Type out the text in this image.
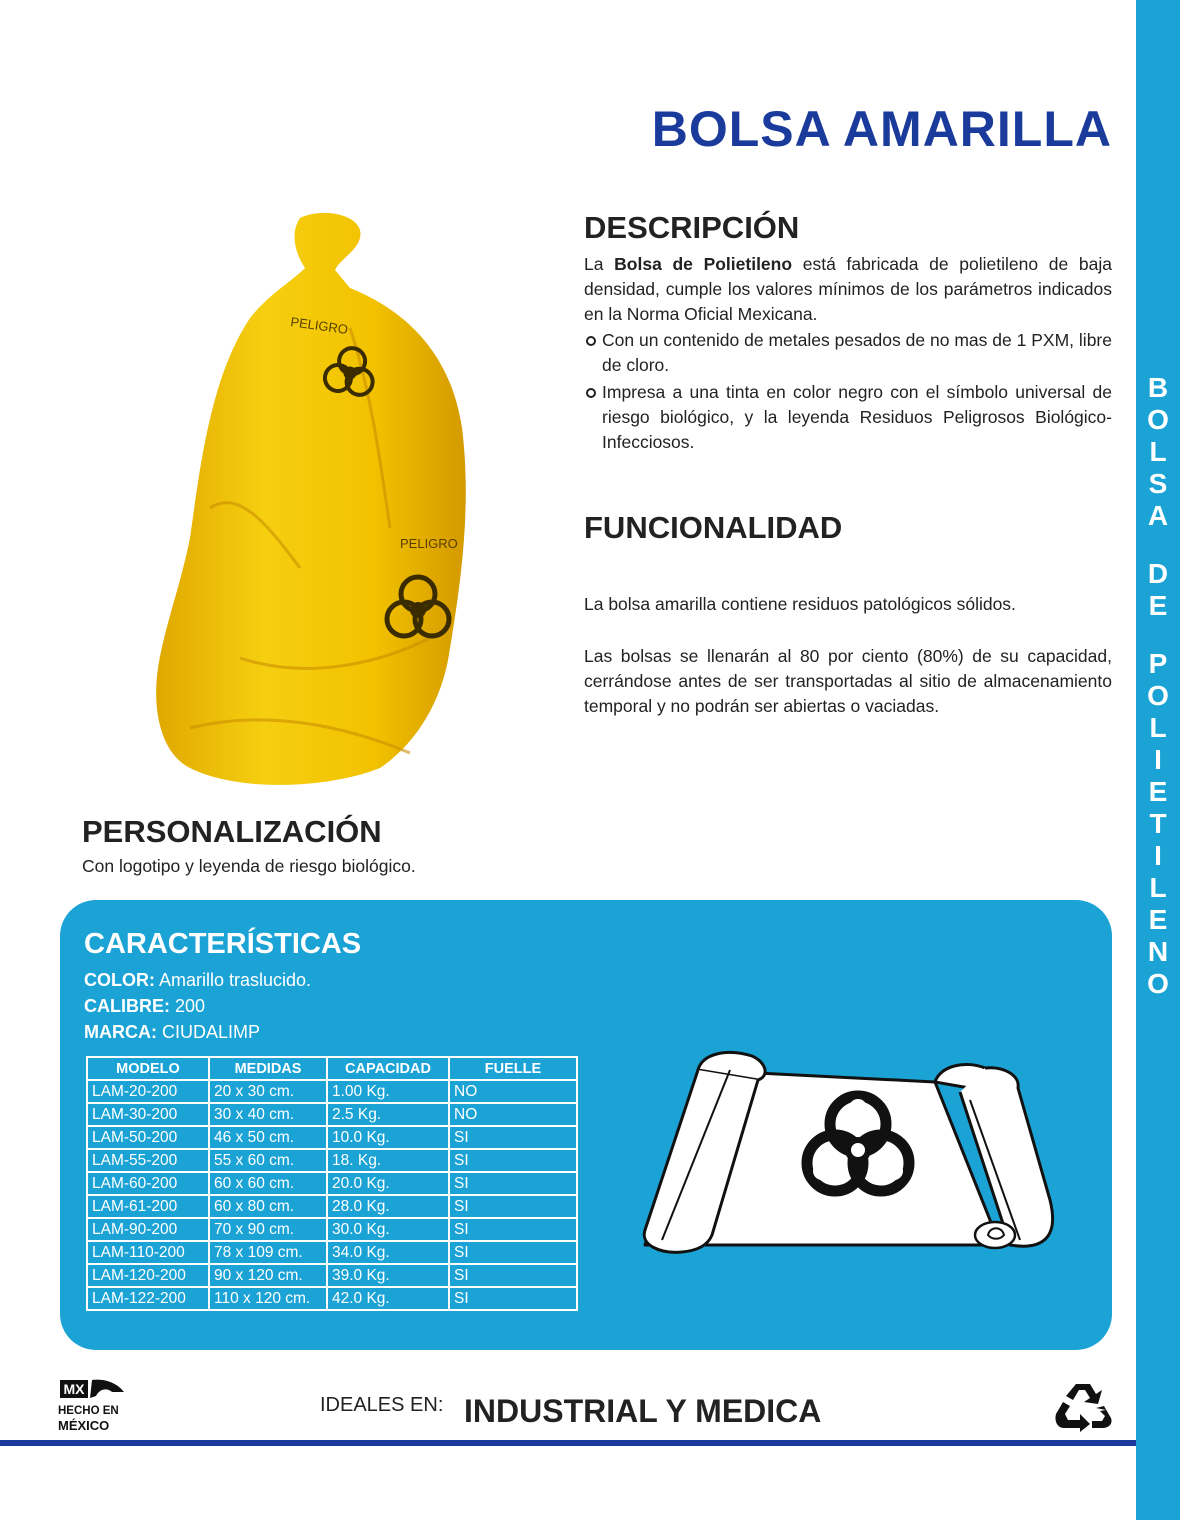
B
O
L
S
A
D
E
P
O
L
I
E
T
I
L
E
N
O
BOLSA AMARILLA
PELIGRO
PELIGRO
DESCRIPCIÓN
La Bolsa de Polietileno está fabricada de polietileno de baja densidad, cumple los valores mínimos de los parámetros indicados en la Norma Oficial Mexicana.
Con un contenido de metales pesados de no mas de 1 PXM, libre de cloro.
Impresa a una tinta en color negro con el símbolo universal de riesgo biológico, y la leyenda Residuos Peligrosos Biológico-Infecciosos.
FUNCIONALIDAD
La bolsa amarilla contiene residuos patológicos sólidos.
Las bolsas se llenarán al 80 por ciento (80%) de su capacidad, cerrándose antes de ser transportadas al sitio de almacenamiento temporal y no podrán ser abiertas o vaciadas.
PERSONALIZACIÓN
Con logotipo y leyenda de riesgo biológico.
CARACTERÍSTICAS
COLOR: Amarillo traslucido.
CALIBRE: 200
MARCA: CIUDALIMP
MODELO	MEDIDAS	CAPACIDAD	FUELLE
LAM-20-200	20 x 30 cm.	1.00 Kg.	NO
LAM-30-200	30 x 40 cm.	2.5 Kg.	NO
LAM-50-200	46 x 50 cm.	10.0 Kg.	SI
LAM-55-200	55 x 60 cm.	18. Kg.	SI
LAM-60-200	60 x 60 cm.	20.0 Kg.	SI
LAM-61-200	60 x 80 cm.	28.0 Kg.	SI
LAM-90-200	70 x 90 cm.	30.0 Kg.	SI
LAM-110-200	78 x 109 cm.	34.0 Kg.	SI
LAM-120-200	90 x 120 cm.	39.0 Kg.	SI
LAM-122-200	110 x 120 cm.	42.0 Kg.	SI
MX
HECHO EN
MÉXICO
IDEALES EN: INDUSTRIAL Y MEDICA
